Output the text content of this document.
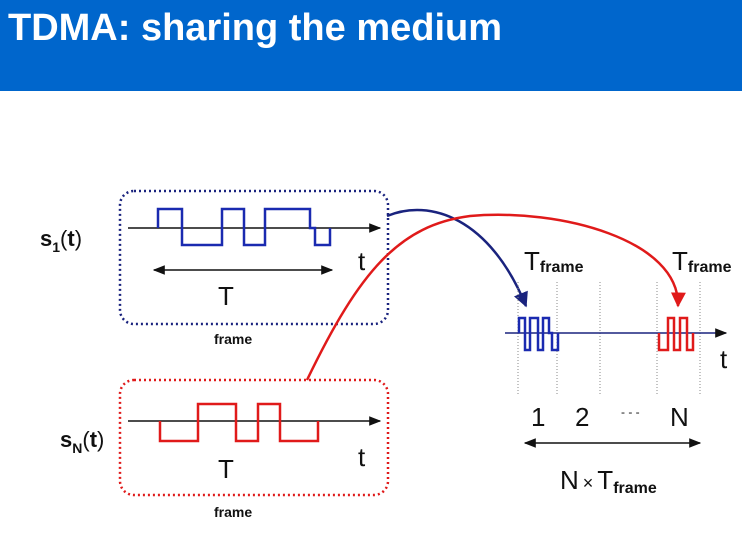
TDMA: sharing the medium
$s_1(t)$
t
T
frame
$s_N(t)$
t
T
frame
Tframe	Tframe
t
1 2	- - - N
N × Tframe
